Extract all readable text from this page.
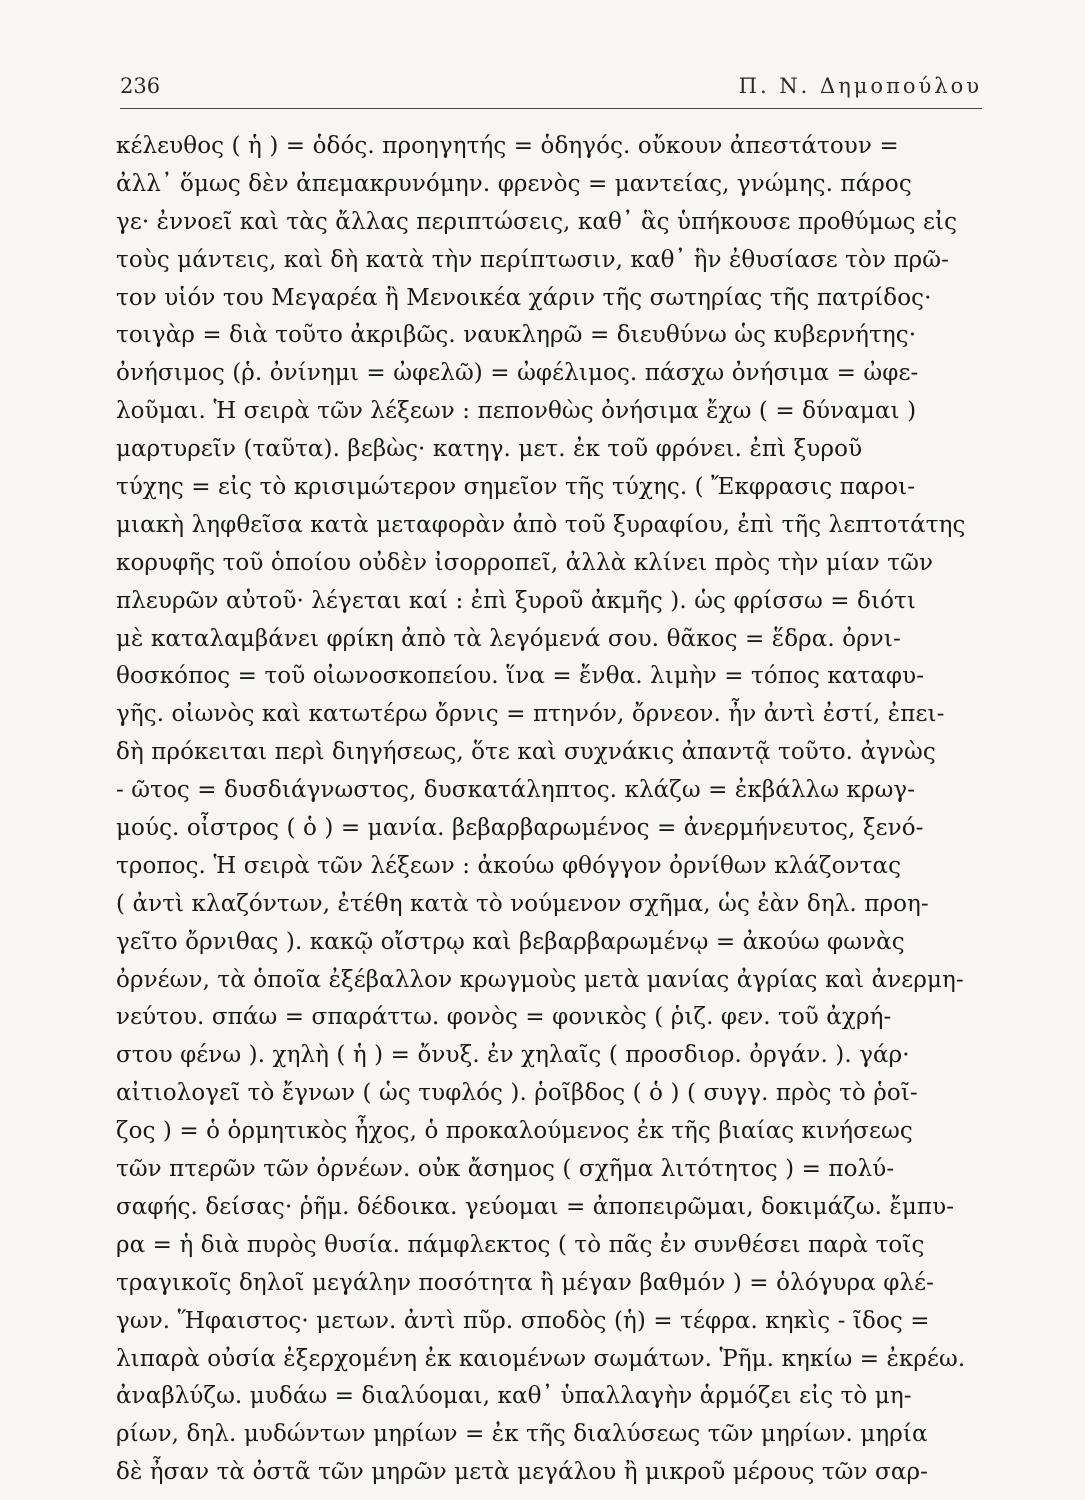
236	Π. Ν. Δημοπούλου
κέλευθος ( ἡ ) = ὁδός. προηγητής = ὁδηγός. οὔκουν ἀπεστάτουν =
ἀλλ᾽ ὅμως δὲν ἀπεμακρυνόμην. φρενὸς = μαντείας, γνώμης. πάρος
γε· ἐννοεῖ καὶ τὰς ἄλλας περιπτώσεις, καθ᾽ ἃς ὑπήκουσε προθύμως εἰς
τοὺς μάντεις, καὶ δὴ κατὰ τὴν περίπτωσιν, καθ᾽ ἣν ἐθυσίασε τὸν πρῶ-
τον υἱόν του Μεγαρέα ἢ Μενοικέα χάριν τῆς σωτηρίας τῆς πατρίδος·
τοιγὰρ = διὰ τοῦτο ἀκριβῶς. ναυκληρῶ = διευθύνω ὡς κυβερνήτης·
ὀνήσιμος (ῥ. ὀνίνημι = ὠφελῶ) = ὠφέλιμος. πάσχω ὀνήσιμα = ὠφε-
λοῦμαι. Ἡ σειρὰ τῶν λέξεων : πεπονθὼς ὀνήσιμα ἔχω ( = δύναμαι )
μαρτυρεῖν (ταῦτα). βεβὼς· κατηγ. μετ. ἐκ τοῦ φρόνει. ἐπὶ ξυροῦ
τύχης = εἰς τὸ κρισιμώτερον σημεῖον τῆς τύχης. ( Ἔκφρασις παροι-
μιακὴ ληφθεῖσα κατὰ μεταφορὰν ἀπὸ τοῦ ξυραφίου, ἐπὶ τῆς λεπτοτάτης
κορυφῆς τοῦ ὁποίου οὐδὲν ἰσορροπεῖ, ἀλλὰ κλίνει πρὸς τὴν μίαν τῶν
πλευρῶν αὐτοῦ· λέγεται καί : ἐπὶ ξυροῦ ἀκμῆς ). ὡς φρίσσω = διότι
μὲ καταλαμβάνει φρίκη ἀπὸ τὰ λεγόμενά σου. θᾶκος = ἕδρα. ὀρνι-
θοσκόπος = τοῦ οἰωνοσκοπείου. ἵνα = ἔνθα. λιμὴν = τόπος καταφυ-
γῆς. οἰωνὸς καὶ κατωτέρω ὄρνις = πτηνόν, ὄρνεον. ἦν ἀντὶ ἐστί, ἐπει-
δὴ πρόκειται περὶ διηγήσεως, ὅτε καὶ συχνάκις ἀπαντᾷ τοῦτο. ἀγνὼς
- ῶτος = δυσδιάγνωστος, δυσκατάληπτος. κλάζω = ἐκβάλλω κρωγ-
μούς. οἶστρος ( ὁ ) = μανία. βεβαρβαρωμένος = ἀνερμήνευτος, ξενό-
τροπος. Ἡ σειρὰ τῶν λέξεων : ἀκούω φθόγγον ὀρνίθων κλάζοντας
( ἀντὶ κλαζόντων, ἐτέθη κατὰ τὸ νούμενον σχῆμα, ὡς ἐὰν δηλ. προη-
γεῖτο ὄρνιθας ). κακῷ οἴστρῳ καὶ βεβαρβαρωμένῳ = ἀκούω φωνὰς
ὀρνέων, τὰ ὁποῖα ἐξέβαλλον κρωγμοὺς μετὰ μανίας ἀγρίας καὶ ἀνερμη-
νεύτου. σπάω = σπαράττω. φονὸς = φονικὸς ( ῥιζ. φεν. τοῦ ἀχρή-
στου φένω ). χηλὴ ( ἡ ) = ὄνυξ. ἐν χηλαῖς ( προσδιορ. ὀργάν. ). γάρ·
αἰτιολογεῖ τὸ ἔγνων ( ὡς τυφλός ). ῥοῖβδος ( ὁ ) ( συγγ. πρὸς τὸ ῥοῖ-
ζος ) = ὁ ὁρμητικὸς ἦχος, ὁ προκαλούμενος ἐκ τῆς βιαίας κινήσεως
τῶν πτερῶν τῶν ὀρνέων. οὐκ ἄσημος ( σχῆμα λιτότητος ) = πολύ-
σαφής. δείσας· ῥῆμ. δέδοικα. γεύομαι = ἀποπειρῶμαι, δοκιμάζω. ἔμπυ-
ρα = ἡ διὰ πυρὸς θυσία. πάμφλεκτος ( τὸ πᾶς ἐν συνθέσει παρὰ τοῖς
τραγικοῖς δηλοῖ μεγάλην ποσότητα ἢ μέγαν βαθμόν ) = ὁλόγυρα φλέ-
γων. Ἥφαιστος· μετων. ἀντὶ πῦρ. σποδὸς (ἡ) = τέφρα. κηκὶς - ῖδος =
λιπαρὰ οὐσία ἐξερχομένη ἐκ καιομένων σωμάτων. Ῥῆμ. κηκίω = ἐκρέω.
ἀναβλύζω. μυδάω = διαλύομαι, καθ᾽ ὑπαλλαγὴν ἁρμόζει εἰς τὸ μη-
ρίων, δηλ. μυδώντων μηρίων = ἐκ τῆς διαλύσεως τῶν μηρίων. μηρία
δὲ ἦσαν τὰ ὀστᾶ τῶν μηρῶν μετὰ μεγάλου ἢ μικροῦ μέρους τῶν σαρ-
